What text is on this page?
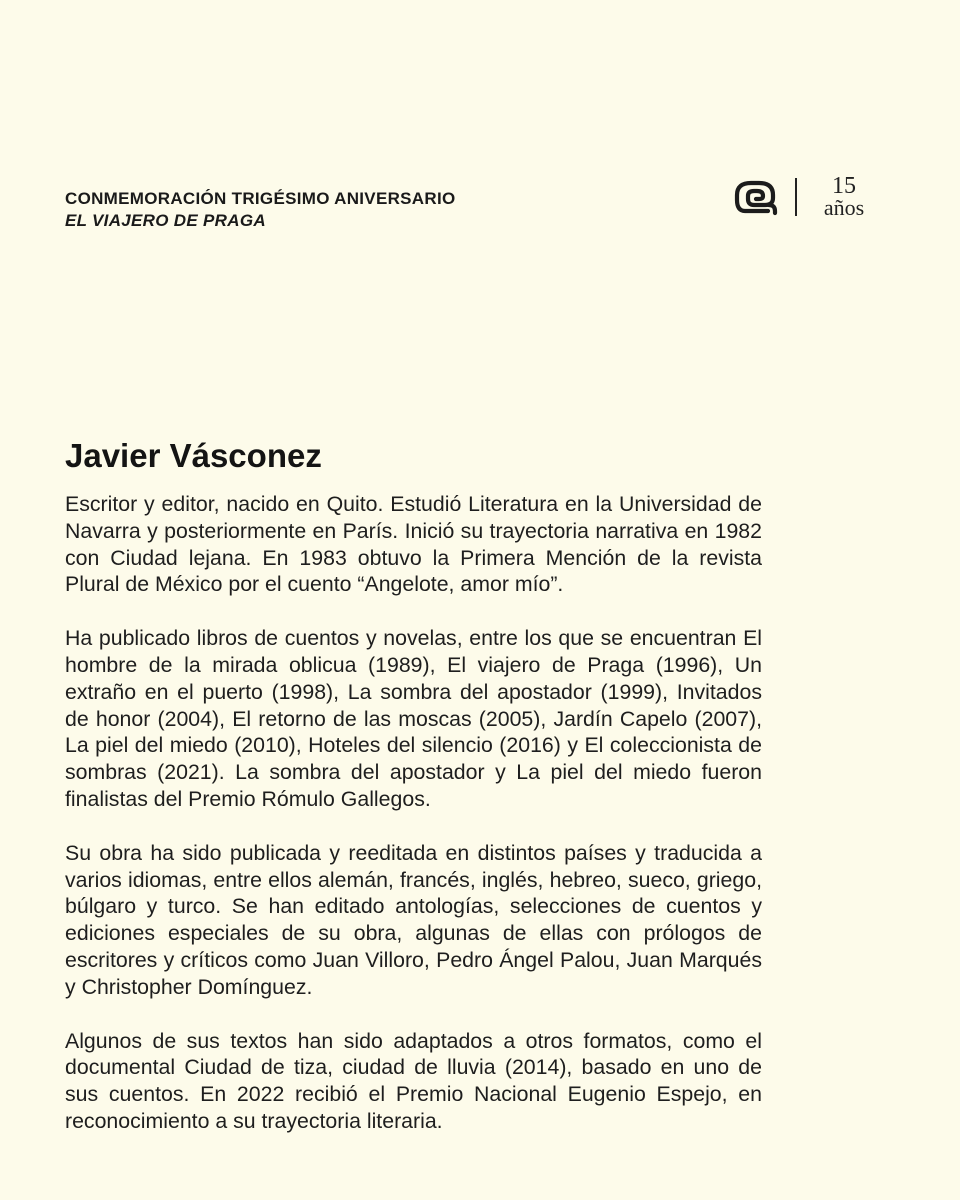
CONMEMORACIÓN TRIGÉSIMO ANIVERSARIO
EL VIAJERO DE PRAGA
15
años
Javier Vásconez

Escritor y editor, nacido en Quito. Estudió Literatura en la Universidad de Navarra y posteriormente en París. Inició su trayectoria narrativa en 1982 con Ciudad lejana. En 1983 obtuvo la Primera Mención de la revista Plural de México por el cuento “Angelote, amor mío”.

Ha publicado libros de cuentos y novelas, entre los que se encuentran El hombre de la mirada oblicua (1989), El viajero de Praga (1996), Un extraño en el puerto (1998), La sombra del apostador (1999), Invitados de honor (2004), El retorno de las moscas (2005), Jardín Capelo (2007), La piel del miedo (2010), Hoteles del silencio (2016) y El coleccionista de sombras (2021). La sombra del apostador y La piel del miedo fueron finalistas del Premio Rómulo Gallegos.

Su obra ha sido publicada y reeditada en distintos países y traducida a varios idiomas, entre ellos alemán, francés, inglés, hebreo, sueco, griego, búlgaro y turco. Se han editado antologías, selecciones de cuentos y ediciones especiales de su obra, algunas de ellas con prólogos de escritores y críticos como Juan Villoro, Pedro Ángel Palou, Juan Marqués y Christopher Domínguez.

Algunos de sus textos han sido adaptados a otros formatos, como el documental Ciudad de tiza, ciudad de lluvia (2014), basado en uno de sus cuentos. En 2022 recibió el Premio Nacional Eugenio Espejo, en reconocimiento a su trayectoria literaria.
